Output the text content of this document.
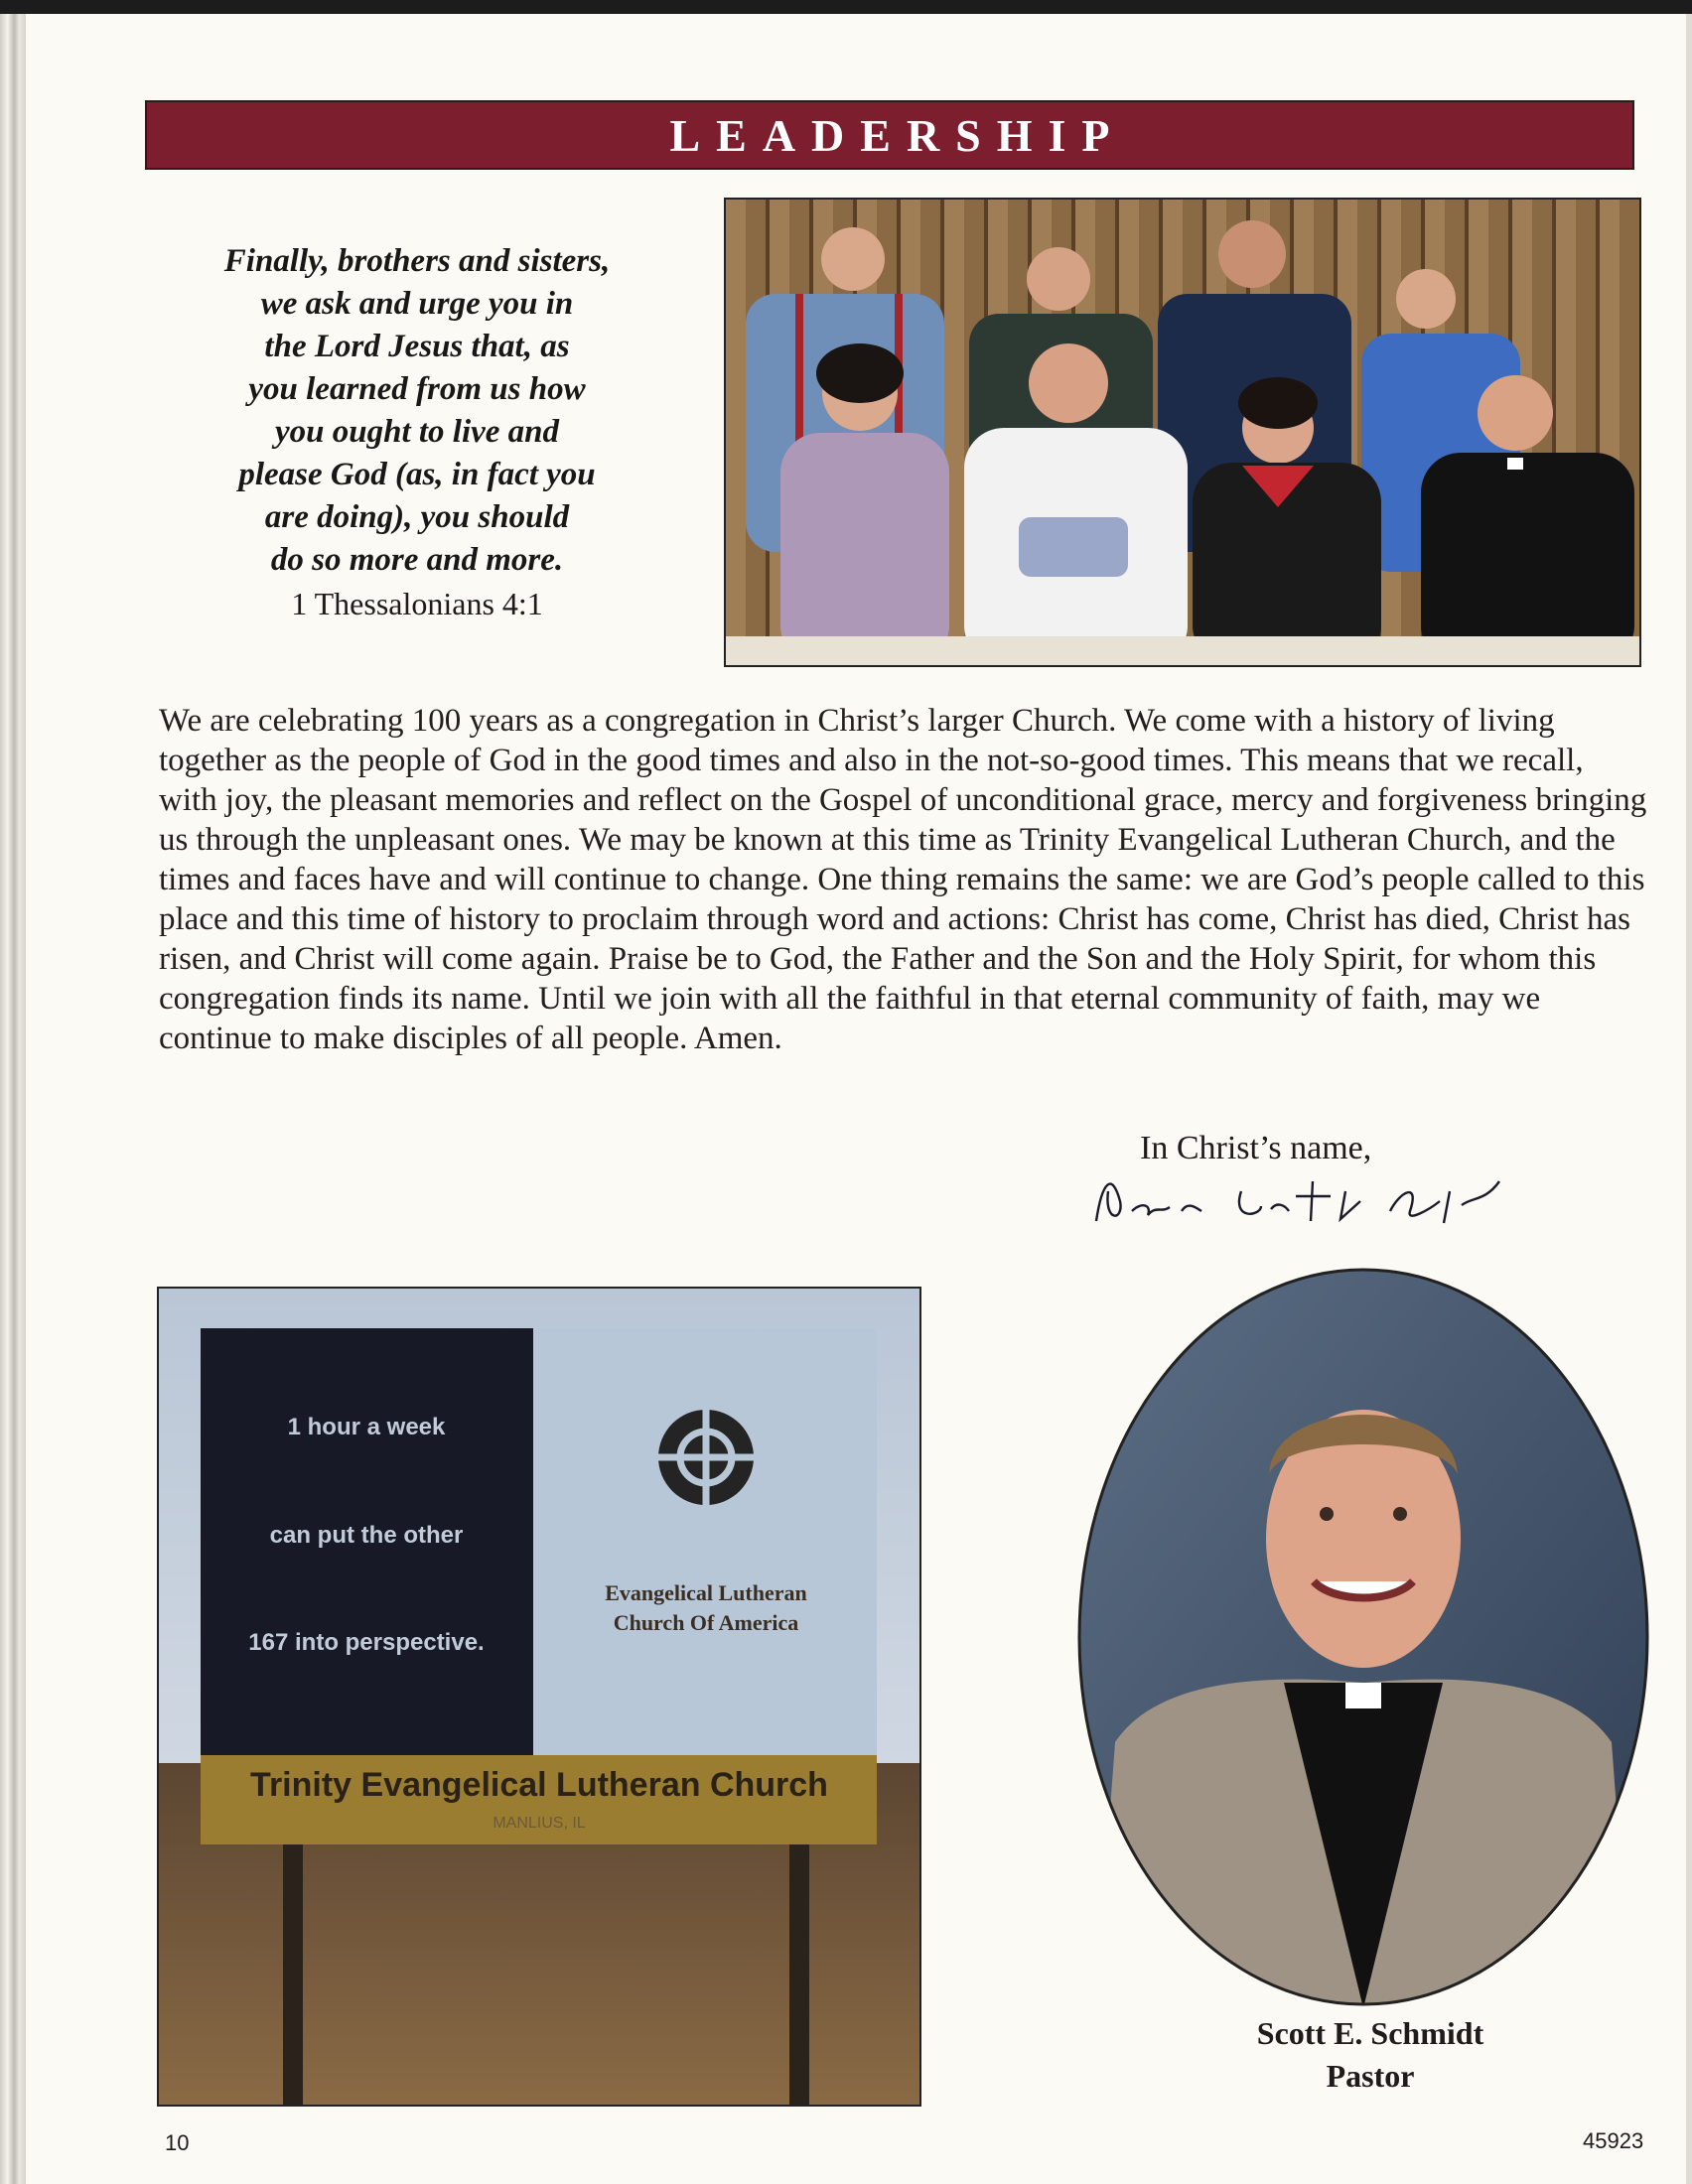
LEADERSHIP
Finally, brothers and sisters,
we ask and urge you in
the Lord Jesus that, as
you learned from us how
you ought to live and
please God (as, in fact you
are doing), you should
do so more and more.
1 Thessalonians 4:1
We are celebrating 100 years as a congregation in Christ’s larger Church. We come with a history of living together as the people of God in the good times and also in the not-so-good times. This means that we recall, with joy, the pleasant memories and reflect on the Gospel of unconditional grace, mercy and forgiveness bringing us through the unpleasant ones. We may be known at this time as Trinity Evangelical Lutheran Church, and the times and faces have and will continue to change. One thing remains the same: we are God’s people called to this place and this time of history to proclaim through word and actions: Christ has come, Christ has died, Christ has risen, and Christ will come again. Praise be to God, the Father and the Son and the Holy Spirit, for whom this congregation finds its name. Until we join with all the faithful in that eternal community of faith, may we continue to make disciples of all people. Amen.
In Christ’s name,
1 hour a week
can put the other
167 into perspective.
Evangelical Lutheran
Church Of America
Trinity Evangelical Lutheran Church
MANLIUS, IL
Scott E. Schmidt
Pastor
10	45923
